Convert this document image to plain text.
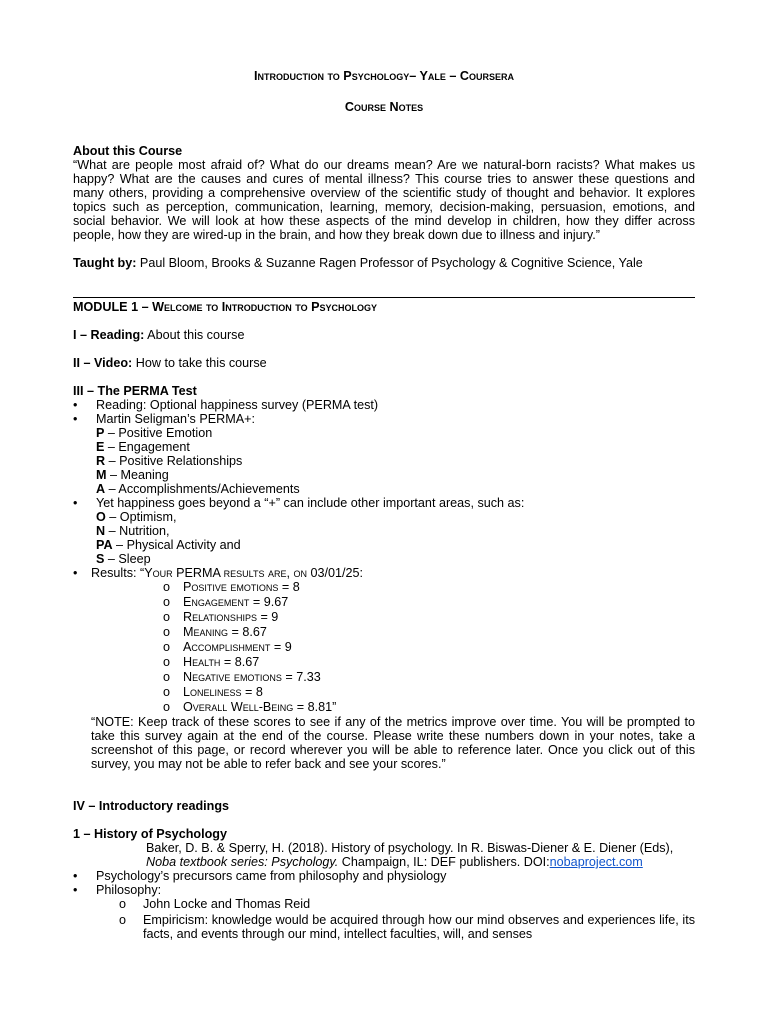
Introduction to Psychology– Yale – Coursera
Course Notes
About this Course
“What are people most afraid of? What do our dreams mean? Are we natural-born racists? What makes us happy? What are the causes and cures of mental illness? This course tries to answer these questions and many others, providing a comprehensive overview of the scientific study of thought and behavior. It explores topics such as perception, communication, learning, memory, decision-making, persuasion, emotions, and social behavior. We will look at how these aspects of the mind develop in children, how they differ across people, how they are wired-up in the brain, and how they break down due to illness and injury.”
Taught by: Paul Bloom, Brooks & Suzanne Ragen Professor of Psychology & Cognitive Science, Yale
MODULE 1 – Welcome to Introduction to Psychology
I – Reading: About this course
II – Video: How to take this course
III – The PERMA Test
• Reading: Optional happiness survey (PERMA test)
• Martin Seligman’s PERMA+:
P – Positive Emotion
E – Engagement
R – Positive Relationships
M – Meaning
A – Accomplishments/Achievements
• Yet happiness goes beyond a “+” can include other important areas, such as:
O – Optimism,
N – Nutrition,
PA – Physical Activity and
S – Sleep
• Results: “Your PERMA results are, on 03/01/25:
o Positive emotions = 8
o Engagement = 9.67
o Relationships = 9
o Meaning = 8.67
o Accomplishment = 9
o Health = 8.67
o Negative emotions = 7.33
o Loneliness = 8
o Overall Well-Being = 8.81”
“NOTE: Keep track of these scores to see if any of the metrics improve over time. You will be prompted to take this survey again at the end of the course. Please write these numbers down in your notes, take a screenshot of this page, or record wherever you will be able to reference later. Once you click out of this survey, you may not be able to refer back and see your scores.”
IV – Introductory readings
1 – History of Psychology
Baker, D. B. & Sperry, H. (2018). History of psychology. In R. Biswas-Diener & E. Diener (Eds),
Noba textbook series: Psychology. Champaign, IL: DEF publishers. DOI:nobaproject.com
• Psychology’s precursors came from philosophy and physiology
• Philosophy:
o John Locke and Thomas Reid
o Empiricism: knowledge would be acquired through how our mind observes and experiences life, its facts, and events through our mind, intellect faculties, will, and senses
